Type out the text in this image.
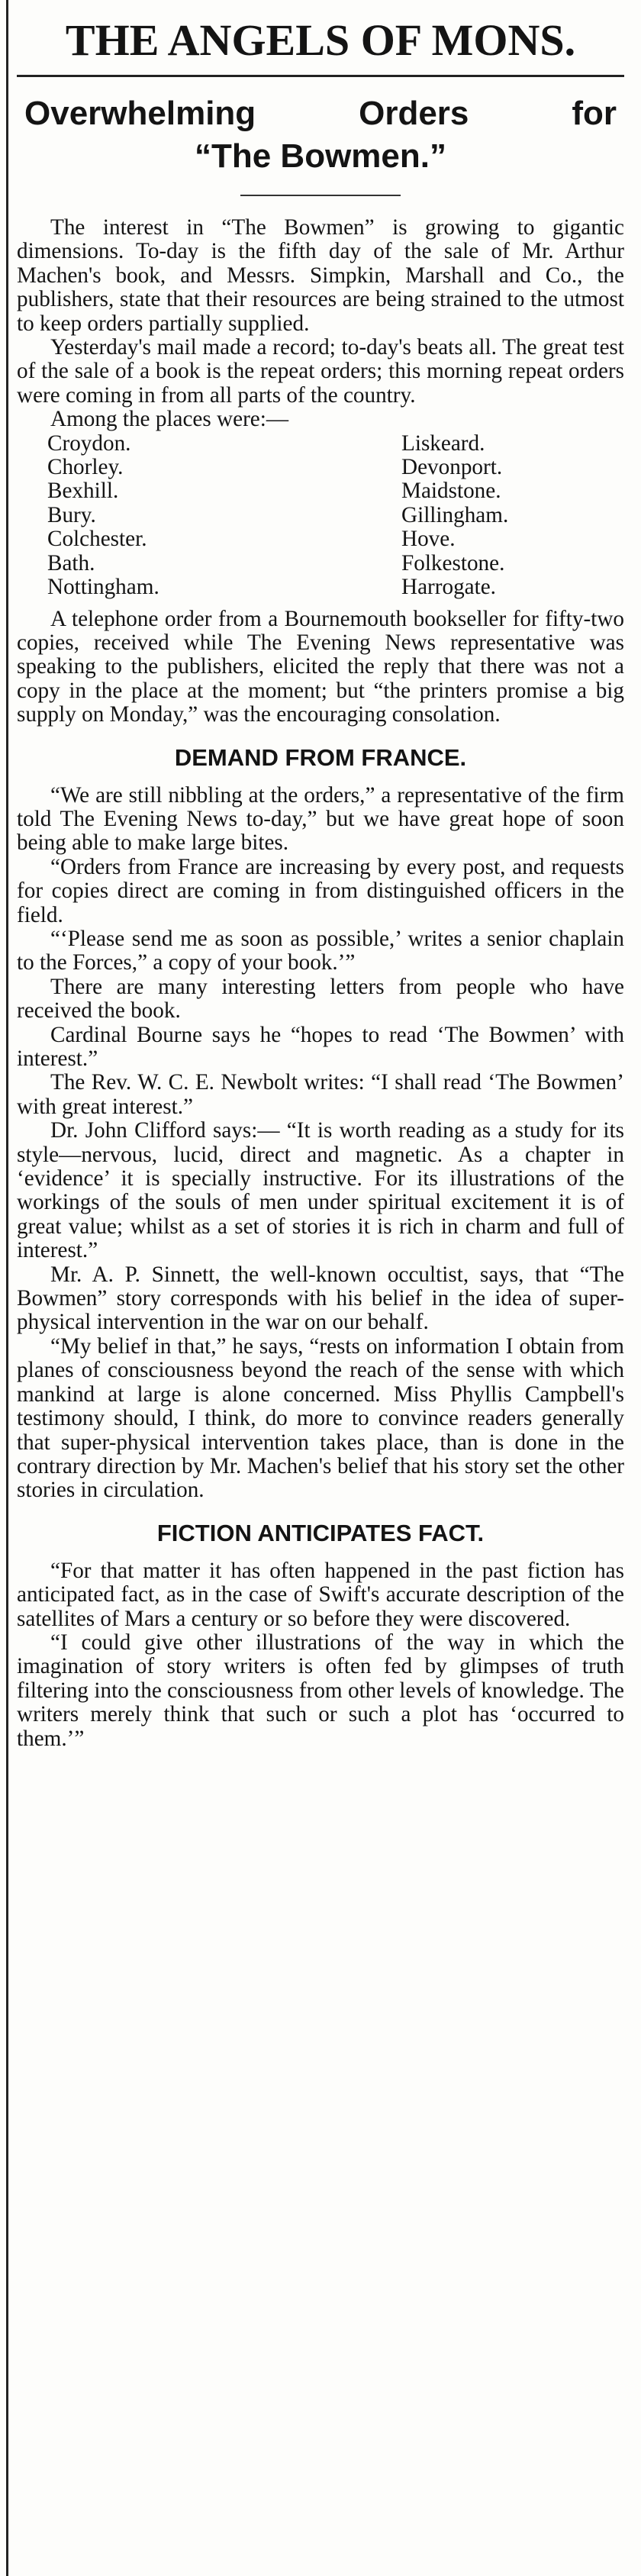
THE ANGELS OF MONS.
Overwhelming	Orders	for
“The Bowmen.”

The interest in “The Bowmen” is growing to gigantic dimensions. To-day is the fifth day of the sale of Mr. Arthur Machen's book, and Messrs. Simpkin, Marshall and Co., the publishers, state that their resources are being strained to the utmost to keep orders partially supplied.

Yesterday's mail made a record; to-day's beats all. The great test of the sale of a book is the repeat orders; this morning repeat orders were coming in from all parts of the country.

Among the places were:—

Croydon.	Liskeard.
Chorley.	Devonport.
Bexhill.	Maidstone.
Bury.	Gillingham.
Colchester.	Hove.
Bath.	Folkestone.
Nottingham.	Harrogate.

A telephone order from a Bournemouth bookseller for fifty-two copies, received while The Evening News representative was speaking to the publishers, elicited the reply that there was not a copy in the place at the moment; but “the printers promise a big supply on Monday,” was the encouraging consolation.

DEMAND FROM FRANCE.

“We are still nibbling at the orders,” a representative of the firm told The Evening News to-day,” but we have great hope of soon being able to make large bites.

“Orders from France are increasing by every post, and requests for copies direct are coming in from distinguished officers in the field.

“‘Please send me as soon as possible,’ writes a senior chaplain to the Forces,” a copy of your book.’”

There are many interesting letters from people who have received the book.

Cardinal Bourne says he “hopes to read ‘The Bowmen’ with interest.”

The Rev. W. C. E. Newbolt writes: “I shall read ‘The Bowmen’ with great interest.”

Dr. John Clifford says:— “It is worth reading as a study for its style—nervous, lucid, direct and magnetic. As a chapter in ‘evidence’ it is specially instructive. For its illustrations of the workings of the souls of men under spiritual excitement it is of great value; whilst as a set of stories it is rich in charm and full of interest.”

Mr. A. P. Sinnett, the well-known occultist, says, that “The Bowmen” story corresponds with his belief in the idea of super-physical intervention in the war on our behalf.

“My belief in that,” he says, “rests on information I obtain from planes of consciousness beyond the reach of the sense with which mankind at large is alone concerned. Miss Phyllis Campbell's testimony should, I think, do more to convince readers generally that super-physical intervention takes place, than is done in the contrary direction by Mr. Machen's belief that his story set the other stories in circulation.

FICTION ANTICIPATES FACT.

“For that matter it has often happened in the past fiction has anticipated fact, as in the case of Swift's accurate description of the satellites of Mars a century or so before they were discovered.

“I could give other illustrations of the way in which the imagination of story writers is often fed by glimpses of truth filtering into the consciousness from other levels of knowledge. The writers merely think that such or such a plot has ‘occurred to them.’”
